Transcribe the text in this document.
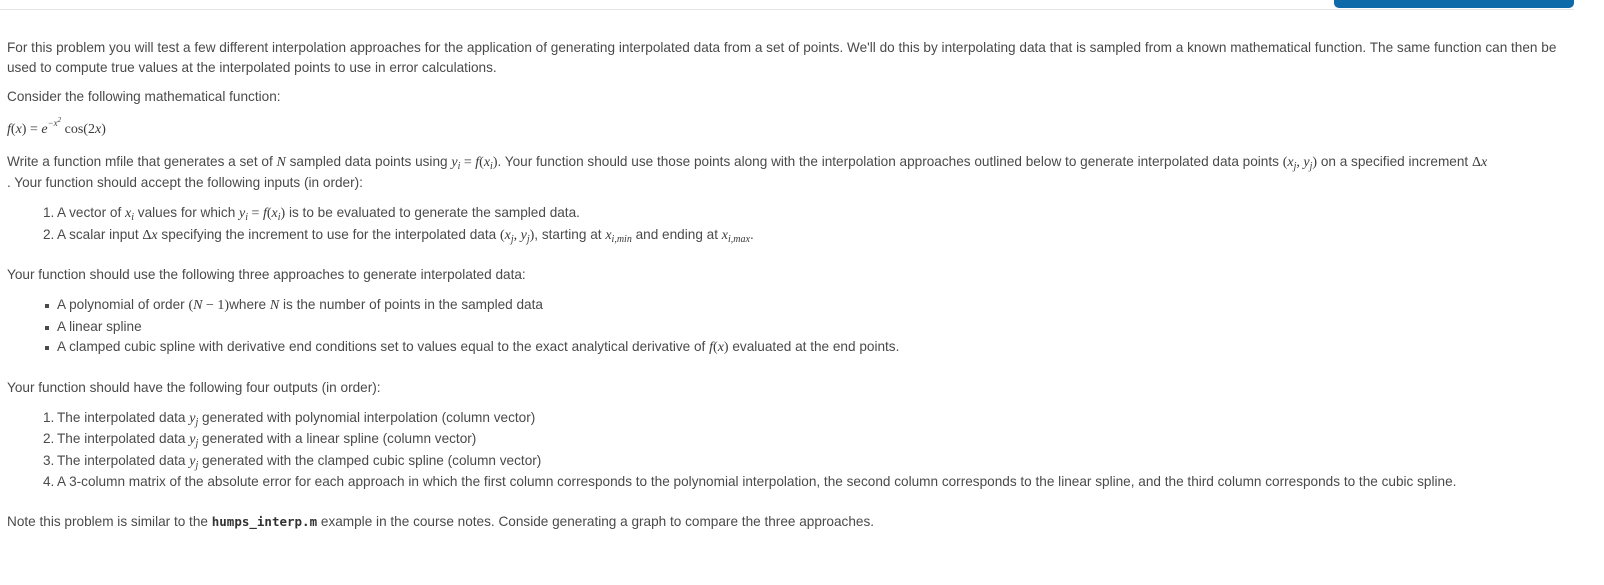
For this problem you will test a few different interpolation approaches for the application of generating interpolated data from a set of points. We'll do this by interpolating data that is sampled from a known mathematical function. The same function can then be used to compute true values at the interpolated points to use in error calculations.

Consider the following mathematical function:

$f(x) = e^{-x^2}$ cos(2x)

Write a function mfile that generates a set of N sampled data points using $y_i = f(x_i)$. Your function should use those points along with the interpolation approaches outlined below to generate interpolated data points ($x_j$, $y_j$) on a specified increment Δx
. Your function should accept the following inputs (in order):

1. A vector of $x_i$ values for which $y_i = f(x_i)$ is to be evaluated to generate the sampled data.
2. A scalar input Δx specifying the increment to use for the interpolated data ($x_j$, $y_j$), starting at $x_{i,min}$ and ending at $x_{i,max}$.

Your function should use the following three approaches to generate interpolated data:

A polynomial of order (N − 1)where N is the number of points in the sampled data
A linear spline
A clamped cubic spline with derivative end conditions set to values equal to the exact analytical derivative of f(x) evaluated at the end points.

Your function should have the following four outputs (in order):

1. The interpolated data $y_j$ generated with polynomial interpolation (column vector)
2. The interpolated data $y_j$ generated with a linear spline (column vector)
3. The interpolated data $y_j$ generated with the clamped cubic spline (column vector)
4. A 3-column matrix of the absolute error for each approach in which the first column corresponds to the polynomial interpolation, the second column corresponds to the linear spline, and the third column corresponds to the cubic spline.

Note this problem is similar to the humps_interp.m example in the course notes. Conside generating a graph to compare the three approaches.
